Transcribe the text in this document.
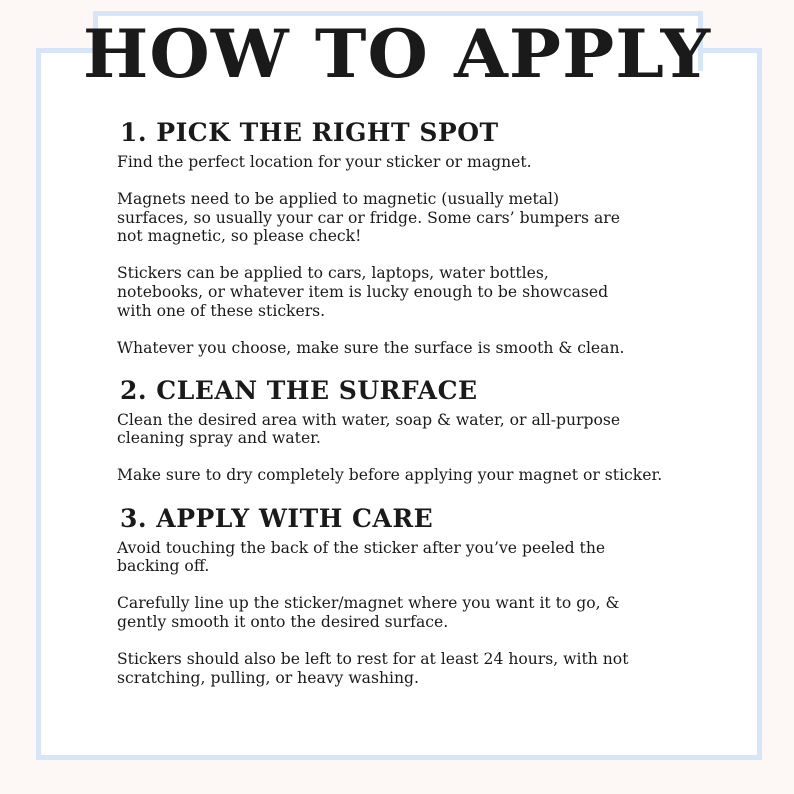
HOW TO APPLY
1. PICK THE RIGHT SPOT

Find the perfect location for your sticker or magnet.

Magnets need to be applied to magnetic (usually metal)
surfaces, so usually your car or fridge. Some cars’ bumpers are
not magnetic, so please check!

Stickers can be applied to cars, laptops, water bottles,
notebooks, or whatever item is lucky enough to be showcased
with one of these stickers.

Whatever you choose, make sure the surface is smooth & clean.

2. CLEAN THE SURFACE

Clean the desired area with water, soap & water, or all-purpose
cleaning spray and water.

Make sure to dry completely before applying your magnet or sticker.

3. APPLY WITH CARE

Avoid touching the back of the sticker after you’ve peeled the
backing off.

Carefully line up the sticker/magnet where you want it to go, &
gently smooth it onto the desired surface.

Stickers should also be left to rest for at least 24 hours, with not
scratching, pulling, or heavy washing.
